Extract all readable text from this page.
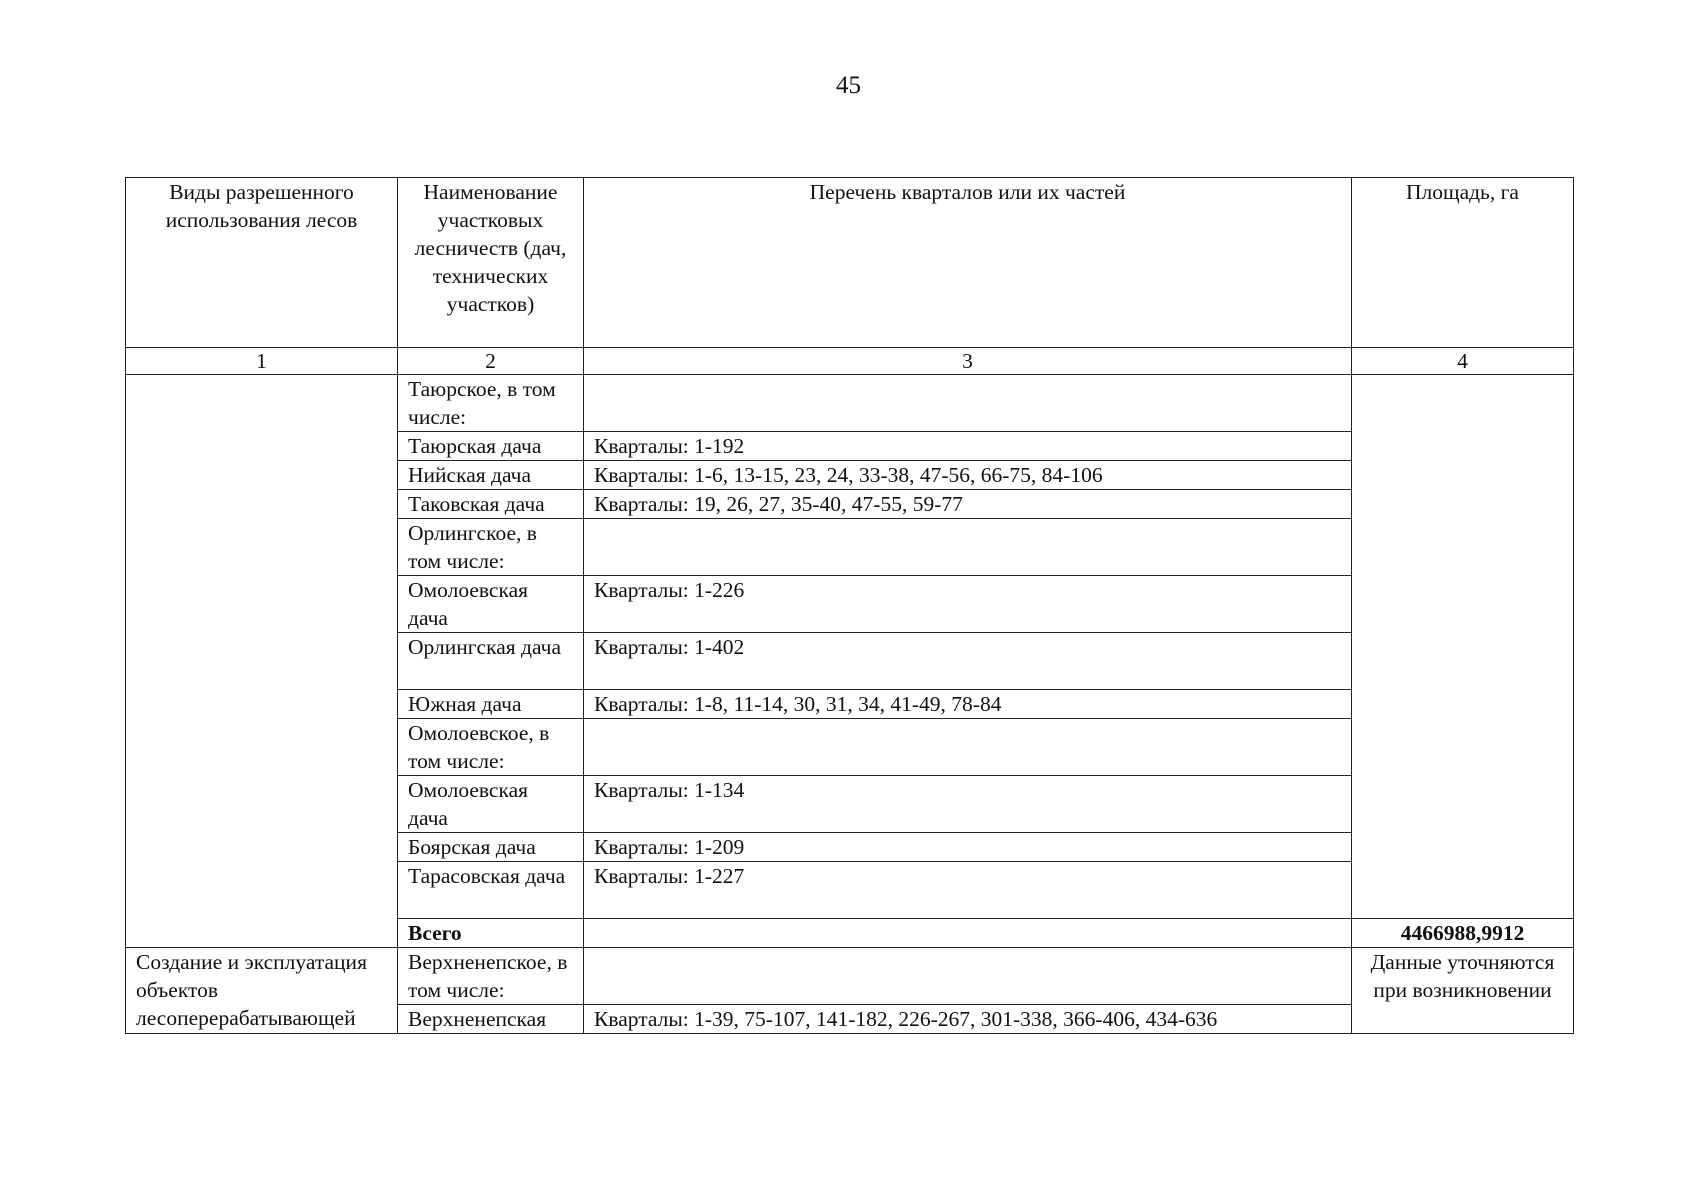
45
Виды разрешенного использования лесов	Наименование участковых лесничеств (дач, технических участков)	Перечень кварталов или их частей	Площадь, га
1	2	3	4
	Таюрское, в том числе:		
	Таюрская дача	Кварталы: 1-192	
	Нийская дача	Кварталы: 1-6, 13-15, 23, 24, 33-38, 47-56, 66-75, 84-106	
	Таковская дача	Кварталы: 19, 26, 27, 35-40, 47-55, 59-77	
	Орлингское, в том числе:		
	Омолоевская дача	Кварталы: 1-226	
	Орлингская дача	Кварталы: 1-402	
	Южная дача	Кварталы: 1-8, 11-14, 30, 31, 34, 41-49, 78-84	
	Омолоевское, в том числе:		
	Омолоевская дача	Кварталы: 1-134	
	Боярская дача	Кварталы: 1-209	
	Тарасовская дача	Кварталы: 1-227	
	Всего		4466988,9912
Создание и эксплуатация объектов лесоперерабатывающей	Верхненепское, в том числе:		Данные уточняются при возникновении
	Верхненепская	Кварталы: 1-39, 75-107, 141-182, 226-267, 301-338, 366-406, 434-636	
